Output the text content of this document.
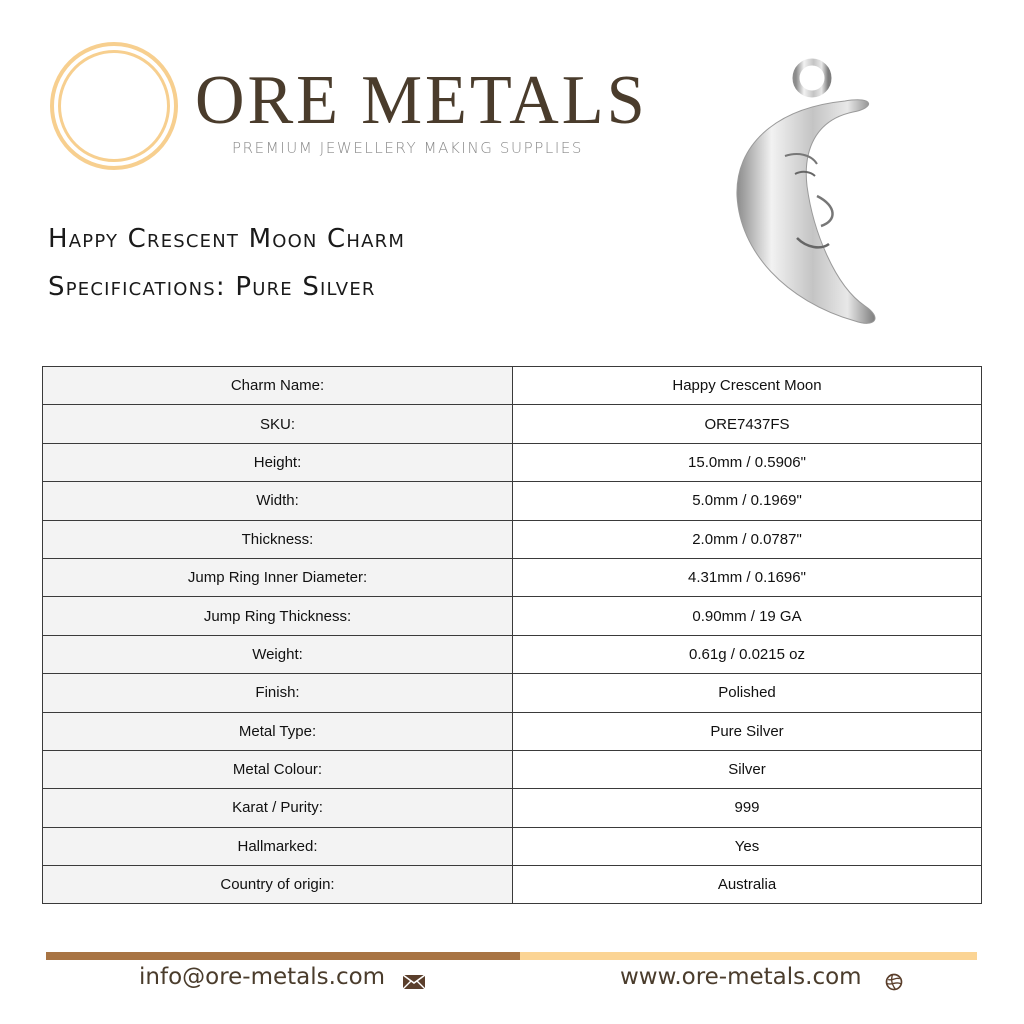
ORE METALS
PREMIUM JEWELLERY MAKING SUPPLIES
Happy Crescent Moon Charm
Specifications: Pure Silver
Charm Name:	Happy Crescent Moon
SKU:	ORE7437FS
Height:	15.0mm / 0.5906"
Width:	5.0mm / 0.1969"
Thickness:	2.0mm / 0.0787"
Jump Ring Inner Diameter:	4.31mm / 0.1696"
Jump Ring Thickness:	0.90mm / 19 GA
Weight:	0.61g / 0.0215 oz
Finish:	Polished
Metal Type:	Pure Silver
Metal Colour:	Silver
Karat / Purity:	999
Hallmarked:	Yes
Country of origin:	Australia
info@ore-metals.com	www.ore-metals.com
